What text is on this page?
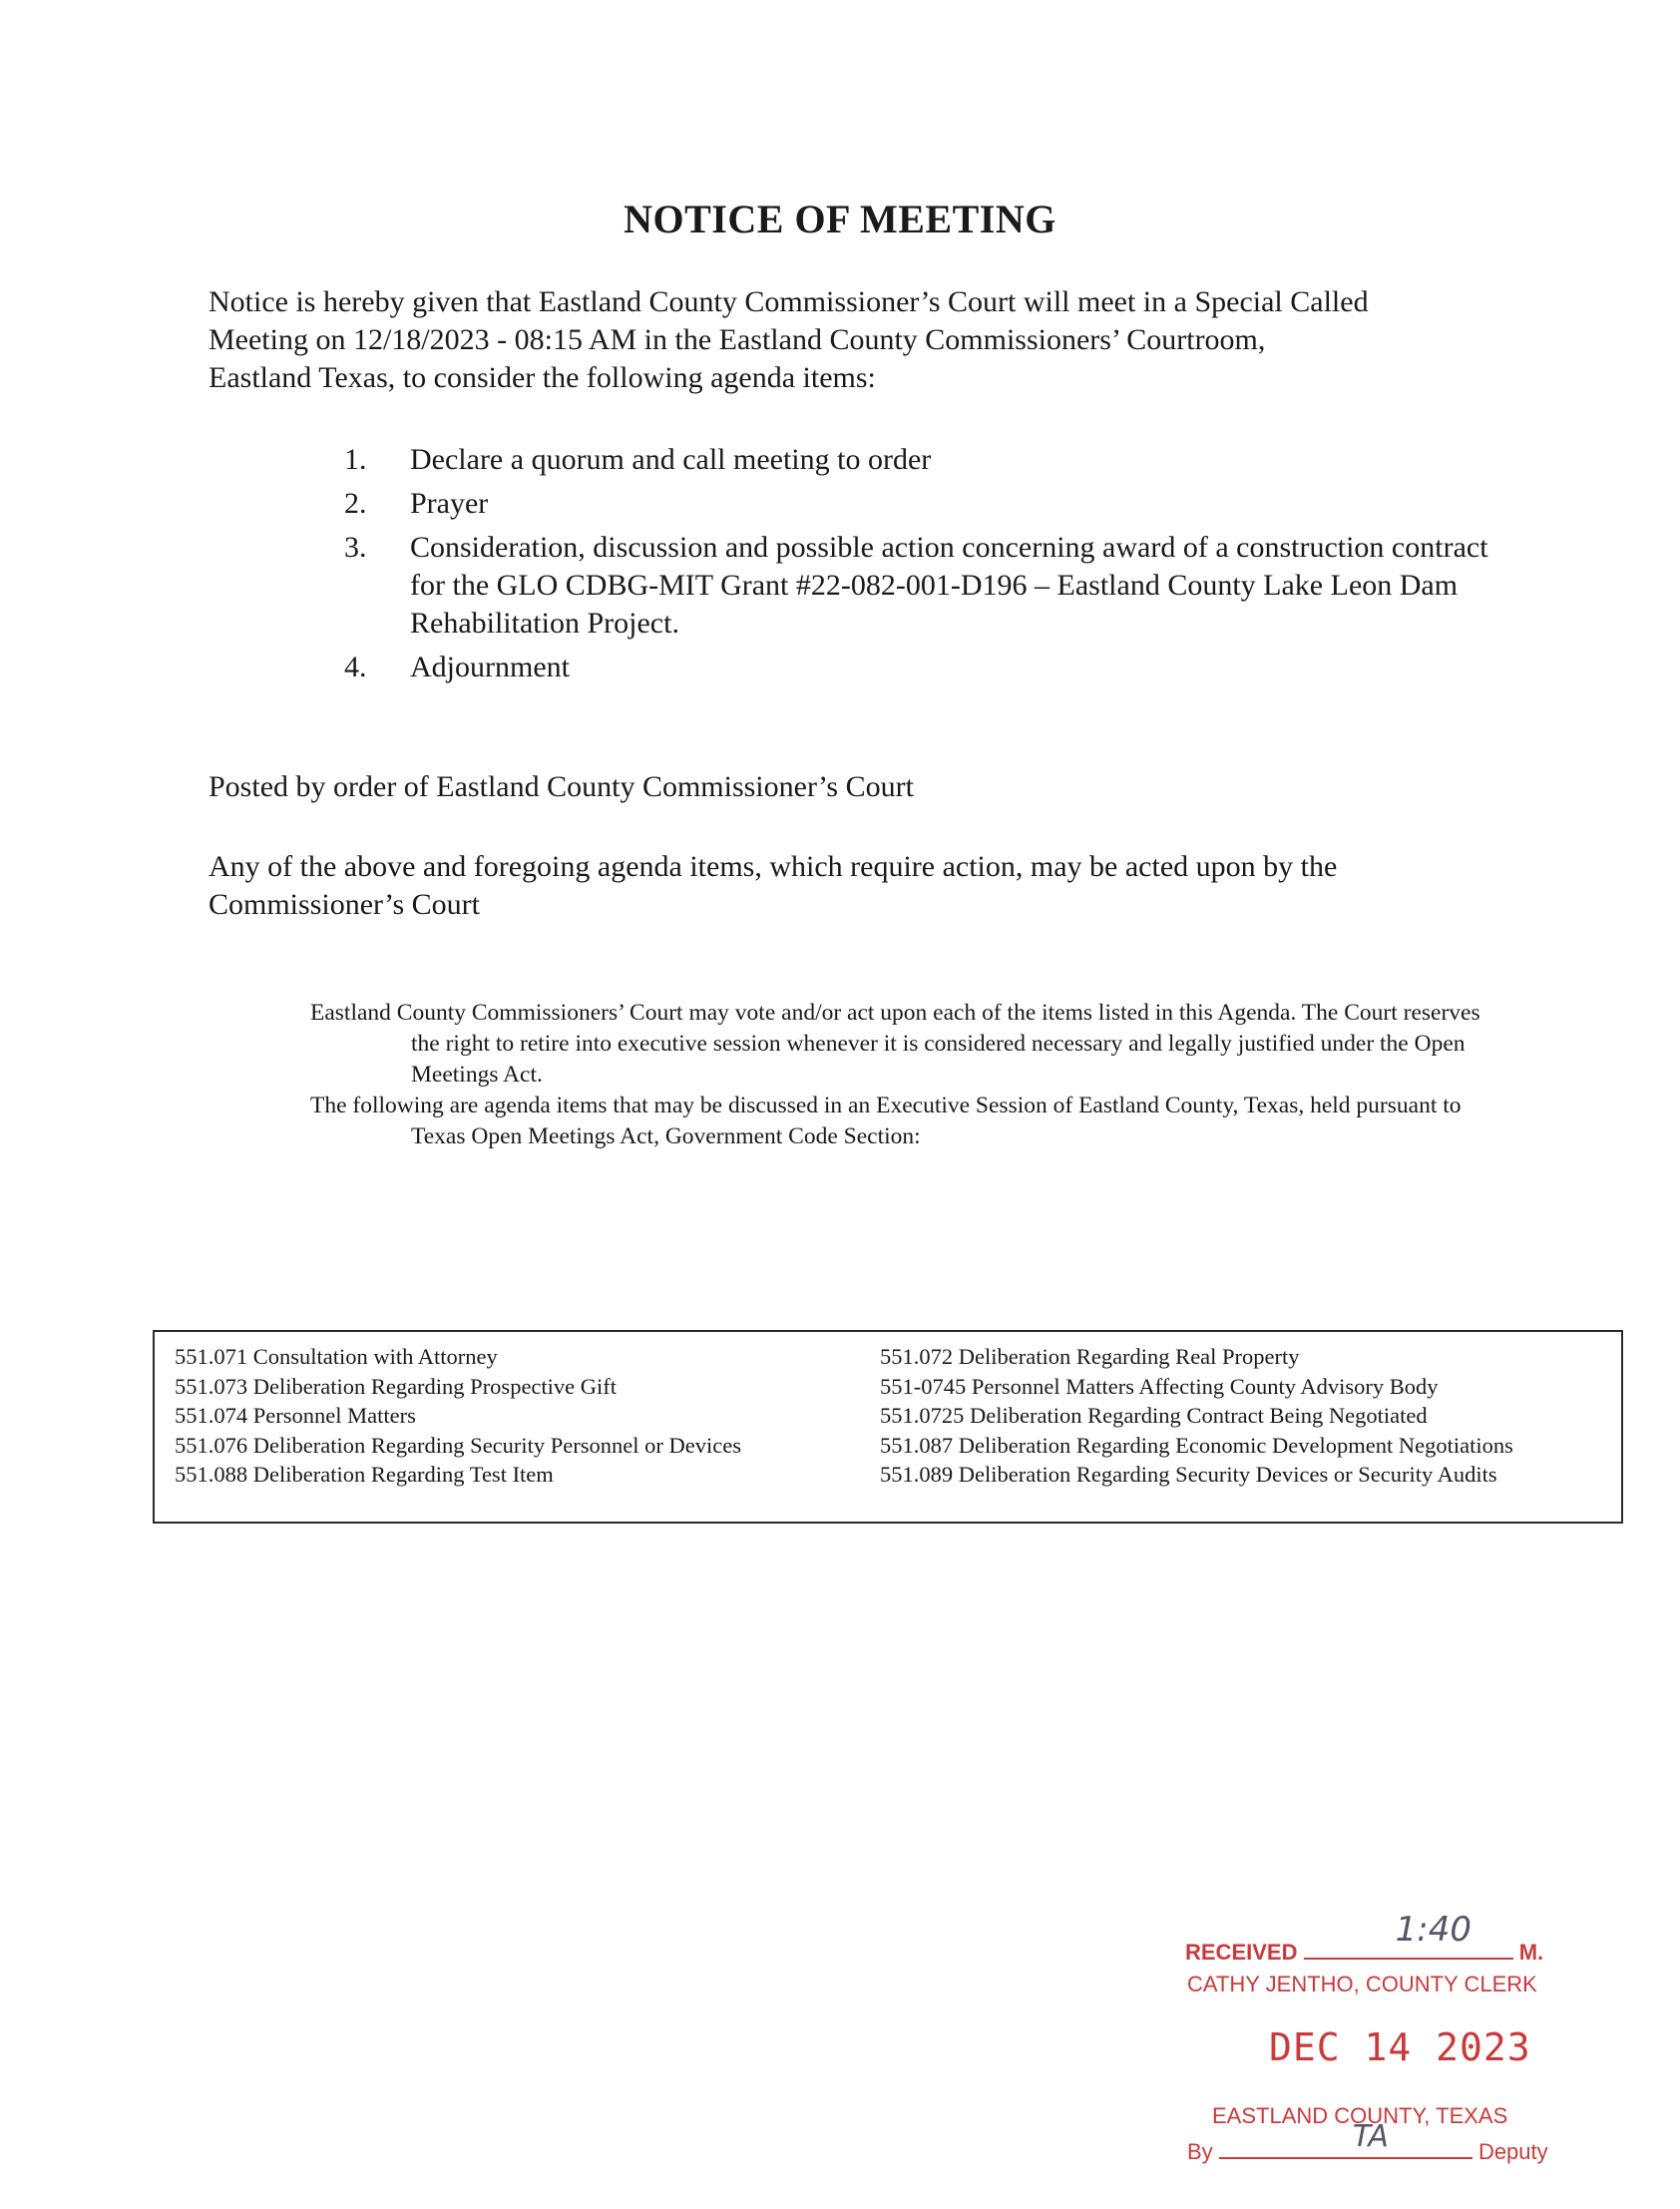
NOTICE OF MEETING
Notice is hereby given that Eastland County Commissioner’s Court will meet in a Special Called
Meeting on 12/18/2023 - 08:15 AM in the Eastland County Commissioners’ Courtroom,
Eastland Texas, to consider the following agenda items:
1.	Declare a quorum and call meeting to order
2.	Prayer
3.	Consideration, discussion and possible action concerning award of a construction contract for the GLO CDBG-MIT Grant #22-082-001-D196 – Eastland County Lake Leon Dam Rehabilitation Project.
4.	Adjournment
Posted by order of Eastland County Commissioner’s Court
Any of the above and foregoing agenda items, which require action, may be acted upon by the
Commissioner’s Court

Eastland County Commissioners’ Court may vote and/or act upon each of the items listed in this Agenda. The Court reserves the right to retire into executive session whenever it is considered necessary and legally justified under the Open Meetings Act.

The following are agenda items that may be discussed in an Executive Session of Eastland County, Texas, held pursuant to Texas Open Meetings Act, Government Code Section:

551.071 Consultation with Attorney
551.073 Deliberation Regarding Prospective Gift
551.074 Personnel Matters
551.076 Deliberation Regarding Security Personnel or Devices
551.088 Deliberation Regarding Test Item
551.072 Deliberation Regarding Real Property
551-0745 Personnel Matters Affecting County Advisory Body
551.0725 Deliberation Regarding Contract Being Negotiated
551.087 Deliberation Regarding Economic Development Negotiations
551.089 Deliberation Regarding Security Devices or Security Audits
RECEIVED
1:40
M.
CATHY JENTHO, COUNTY CLERK
DEC 14 2023
EASTLAND COUNTY, TEXAS
By	TA	Deputy
